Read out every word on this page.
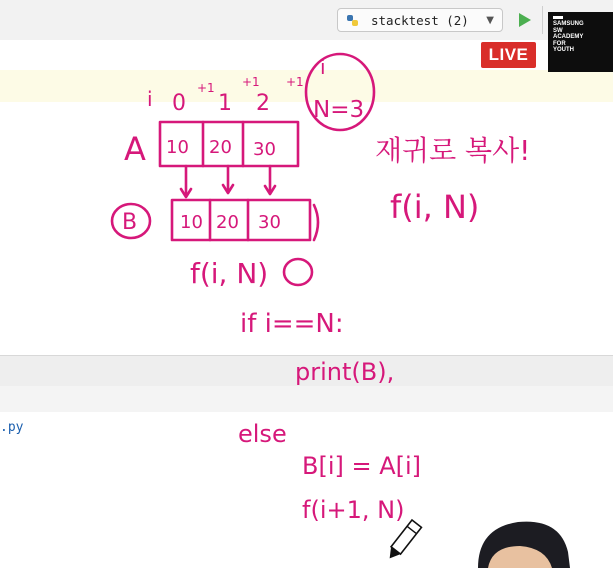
stacktest (2) ▼
.py
LIVE
SAMSUNG
SW
ACADEMY
FOR
YOUTH
i 0 1 2
+1 +1 +1
i
N=3
A 10 20 30
B 10 20 30
f(i, N)
if i==N:
print(B),
else
B[i] = A[i]
f(i+1, N)
재귀로 복사!
f(i, N)
